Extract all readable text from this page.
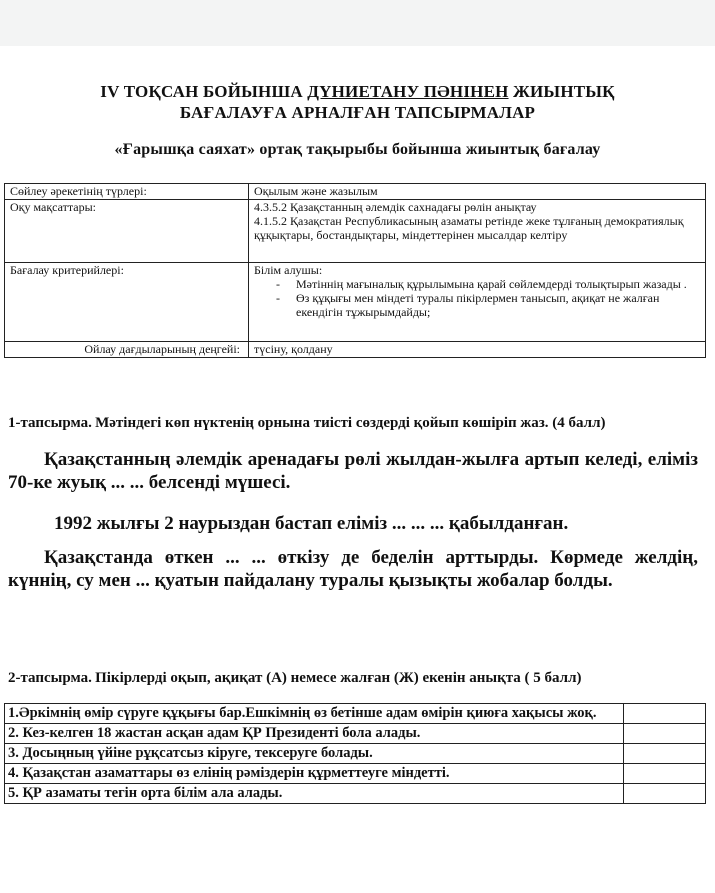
IV ТОҚСАН БОЙЫНША ДҮНИЕТАНУ ПӘНІНЕН ЖИЫНТЫҚ
БАҒАЛАУҒА АРНАЛҒАН ТАПСЫРМАЛАР
«Ғарышқа саяхат» ортақ тақырыбы бойынша жиынтық бағалау
Сөйлеу әрекетінің түрлері:	Оқылым және жазылым
Оқу мақсаттары:	4.3.5.2 Қазақстанның әлемдік сахнадағы рөлін анықтау
4.1.5.2 Қазақстан Республикасының азаматы ретінде жеке тұлғаның демократиялық құқықтары, бостандықтары, міндеттерінен мысалдар келтіру

Бағалау критерийлері:	Білім алушы:
- Мәтіннің мағыналық құрылымына қарай сөйлемдерді толықтырып жазады .
- Өз құқығы мен міндеті туралы пікірлермен танысып, ақиқат не жалған екендігін тұжырымдайды;

Ойлау дағдыларының деңгейі:	түсіну, қолдану
1-тапсырма. Мәтіндегі көп нүктенің орнына тиісті сөздерді қойып көшіріп жаз. (4 балл)
Қазақстанның әлемдік аренадағы рөлі жылдан-жылға артып келеді, еліміз 70-ке жуық ... ... белсенді мүшесі.
1992 жылғы 2 наурыздан бастап еліміз ... ... ... қабылданған.
Қазақстанда өткен ... ... өткізу де беделін арттырды. Көрмеде желдің, күннің, су мен ... қуатын пайдалану туралы қызықты жобалар болды.
2-тапсырма. Пікірлерді оқып, ақиқат (А) немесе жалған (Ж) екенін анықта ( 5 балл)
1.Әркімнің өмір сүруге құқығы бар.Ешкімнің өз бетінше адам өмірін қиюға хақысы жоқ.	
2. Кез-келген 18 жастан асқан адам ҚР Президенті бола алады.	
3. Досыңның үйіне рұқсатсыз кіруге, тексеруге болады.	
4. Қазақстан азаматтары өз елінің рәміздерін құрметтеуге міндетті.	
5. ҚР азаматы тегін орта білім ала алады.	
